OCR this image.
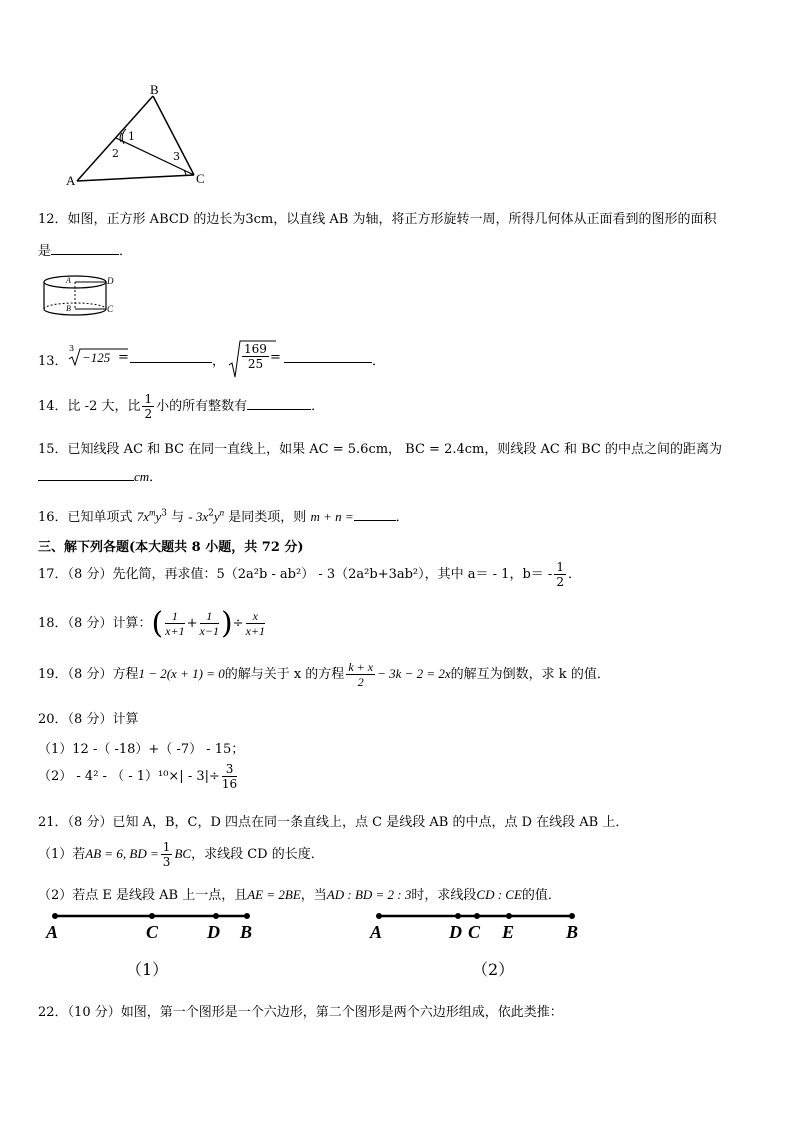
B
A	C
1
2	3
12．如图，正方形 ABCD 的边长为3cm，以直线 AB 为轴，将正方形旋转一周，所得几何体从正面看到的图形的面积
是	．
A
B
D
C
13．
3
−125 =	， $\frac{169}{25}$ =	．
14．比 -2 大，比 $\frac{1}{2}$ 小的所有整数有	．
15．已知线段 AC 和 BC 在同一直线上，如果 AC = 5.6cm， BC = 2.4cm，则线段 AC 和 BC 的中点之间的距离为
cm．
16．已知单项式 $7x^my^3$ 与 - $3x^2y^n$ 是同类项，则 m + n =	．
三、解下列各题(本大题共 8 小题，共 72 分)
17．（8 分）先化简，再求值：5（2a²b - ab²） - 3（2a²b+3ab²），其中 a＝ - 1，$b= - \frac{1}{2}$ ．
18．（8 分）计算：( $\frac{1}{x+1} + \frac{1}{x-1}$ )÷ $\frac{x}{x+1}$
19．（8 分）方程1 − 2(x + 1) = 0的解与关于 x 的方程 $\frac{k + x}{2} - 3k - 2 = 2x$的解互为倒数，求 k 的值．
20．（8 分）计算
（1）12 -（ -18）+（ -7） - 15；
（2） - 4² - （ - $1)^{10}\times| - 3|\div \frac{3}{16}$
21．（8 分）已知 A，B，C，D 四点在同一条直线上，点 C 是线段 AB 的中点，点 D 在线段 AB 上．
（1）若AB = 6, BD = $\frac{1}{3}$ BC，求线段 CD 的长度．
（2）若点 E 是线段 AB 上一点，且AE = 2BE，当AD : BD = 2 : 3时，求线段CD : CE的值．
A	C	D B
（1）
A	D C E	B
（2）
22．（10 分）如图，第一个图形是一个六边形，第二个图形是两个六边形组成，依此类推：
